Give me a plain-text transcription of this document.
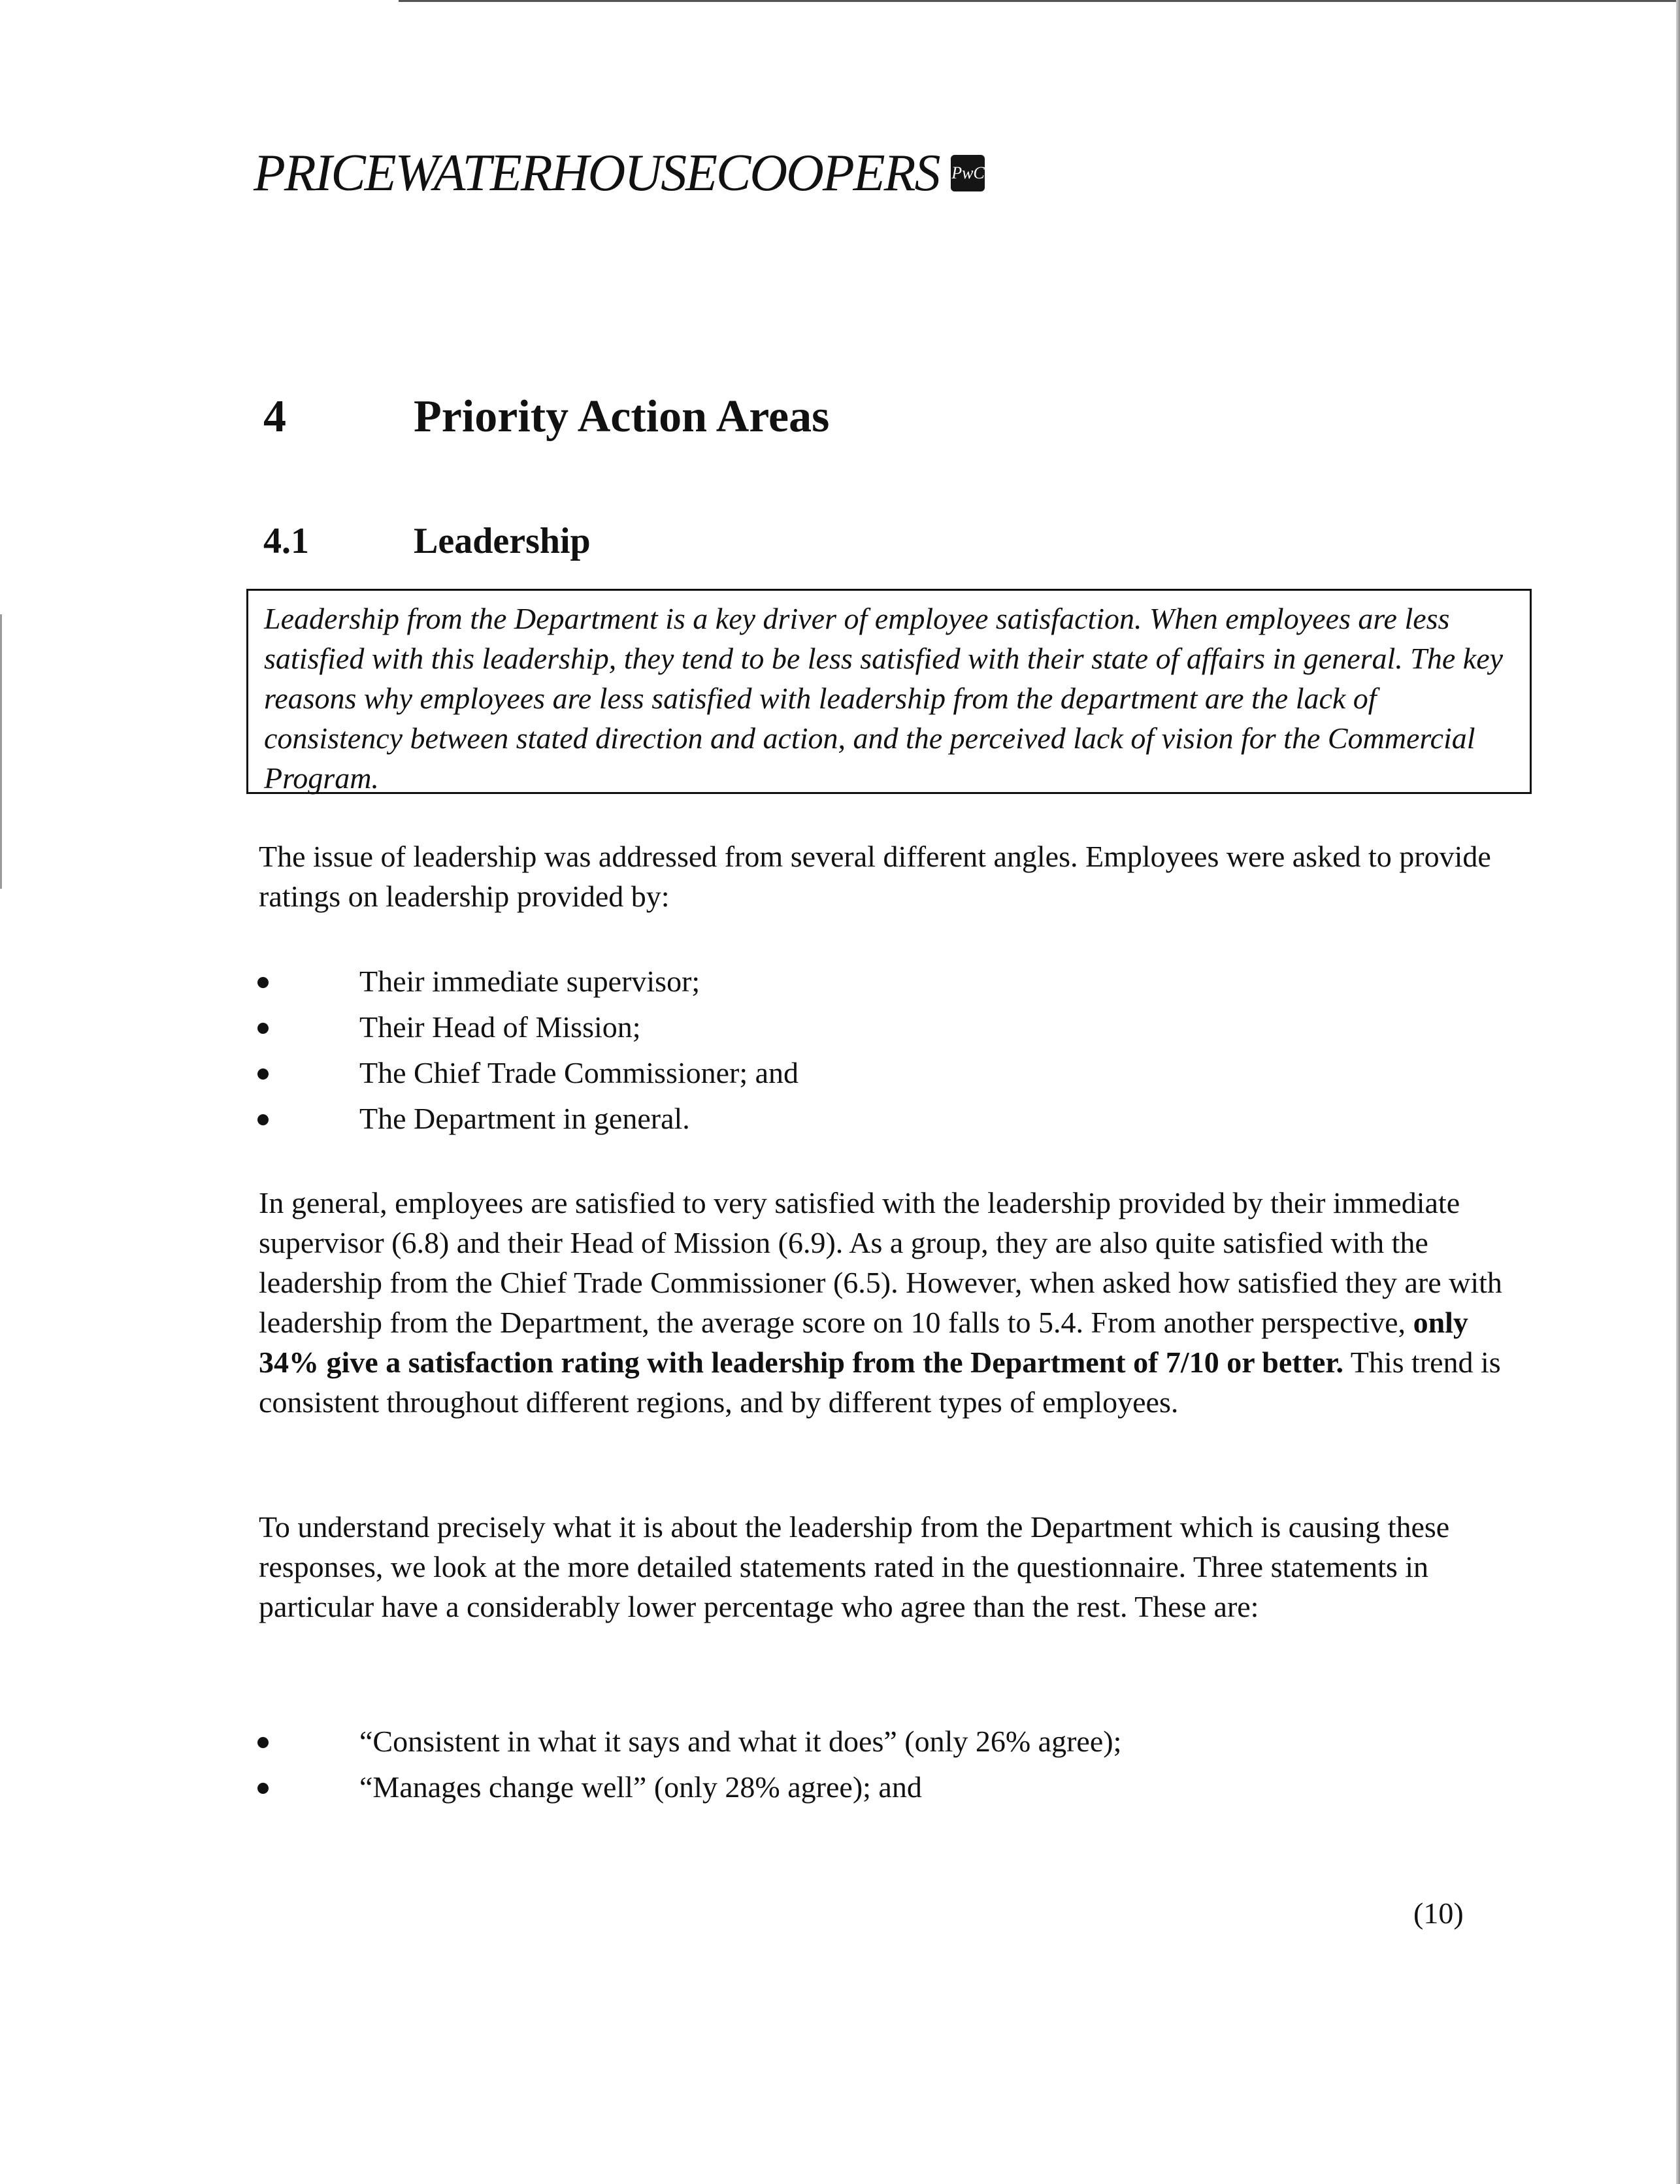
PRICEWATERHOUSECOOPERS PwC
4	Priority Action Areas
4.1	Leadership
Leadership from the Department is a key driver of employee satisfaction. When employees are less satisfied with this leadership, they tend to be less satisfied with their state of affairs in general. The key reasons why employees are less satisfied with leadership from the department are the lack of consistency between stated direction and action, and the perceived lack of vision for the Commercial Program.

The issue of leadership was addressed from several different angles. Employees were asked to provide ratings on leadership provided by:

Their immediate supervisor;
Their Head of Mission;
The Chief Trade Commissioner; and
The Department in general.

In general, employees are satisfied to very satisfied with the leadership provided by their immediate supervisor (6.8) and their Head of Mission (6.9). As a group, they are also quite satisfied with the leadership from the Chief Trade Commissioner (6.5). However, when asked how satisfied they are with leadership from the Department, the average score on 10 falls to 5.4. From another perspective, only 34% give a satisfaction rating with leadership from the Department of 7/10 or better. This trend is consistent throughout different regions, and by different types of employees.

To understand precisely what it is about the leadership from the Department which is causing these responses, we look at the more detailed statements rated in the questionnaire. Three statements in particular have a considerably lower percentage who agree than the rest. These are:

“Consistent in what it says and what it does” (only 26% agree);
“Manages change well” (only 28% agree); and
(10)
